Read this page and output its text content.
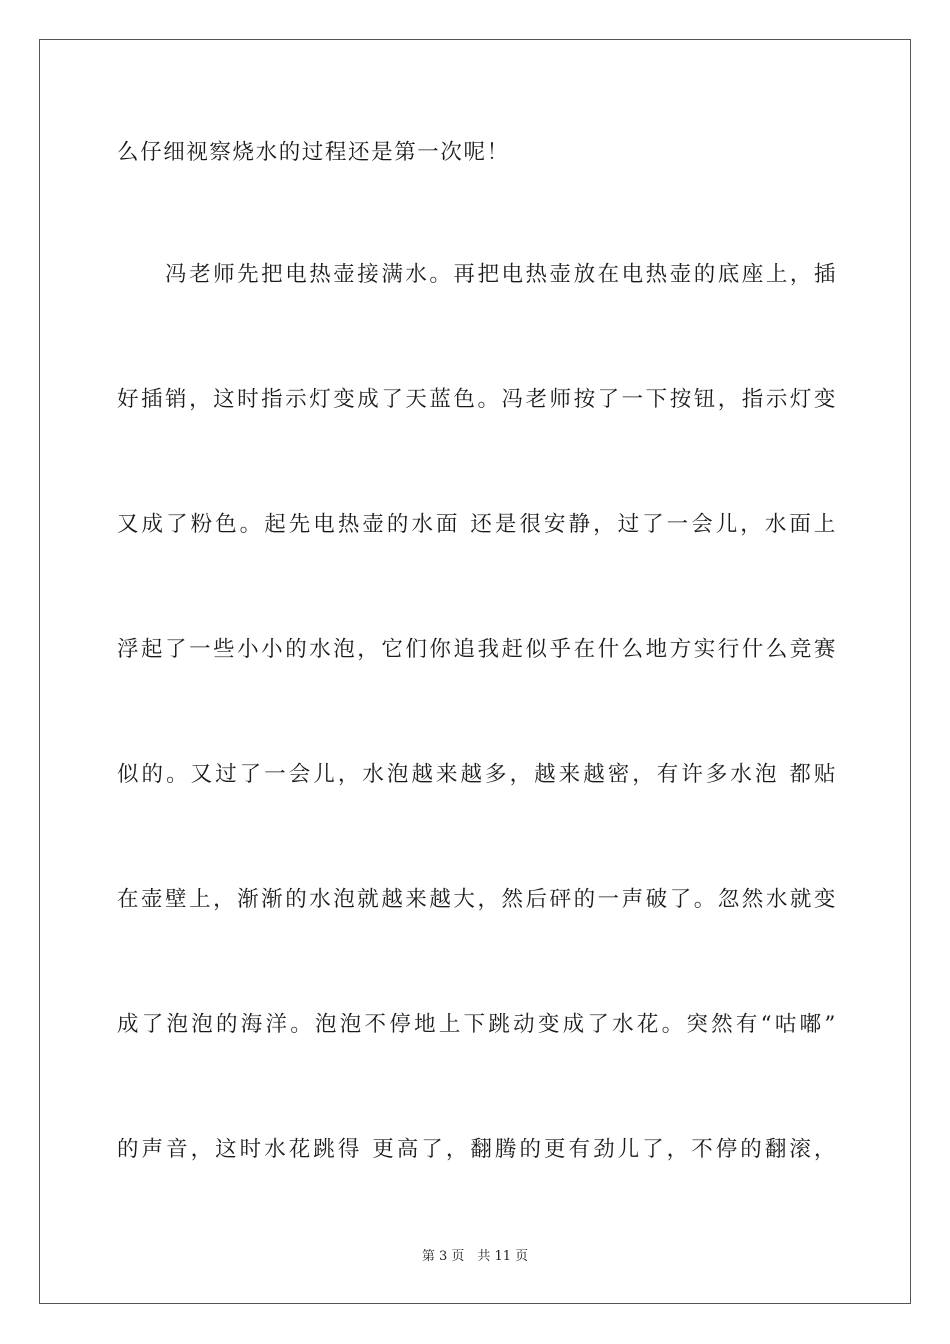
么仔细视察烧水的过程还是第一次呢！
　　冯老师先把电热壶接满水。再把电热壶放在电热壶的底座上，插
好插销，这时指示灯变成了天蓝色。冯老师按了一下按钮，指示灯变
又成了粉色。起先电热壶的水面 还是很安静，过了一会儿，水面上
浮起了一些小小的水泡，它们你追我赶似乎在什么地方实行什么竞赛
似的。又过了一会儿，水泡越来越多，越来越密，有许多水泡 都贴
在壶壁上，渐渐的水泡就越来越大，然后砰的一声破了。忽然水就变
成了泡泡的海洋。泡泡不停地上下跳动变成了水花。突然有“咕嘟”
的声音，这时水花跳得 更高了，翻腾的更有劲儿了，不停的翻滚，
第 3 页　共 11 页
